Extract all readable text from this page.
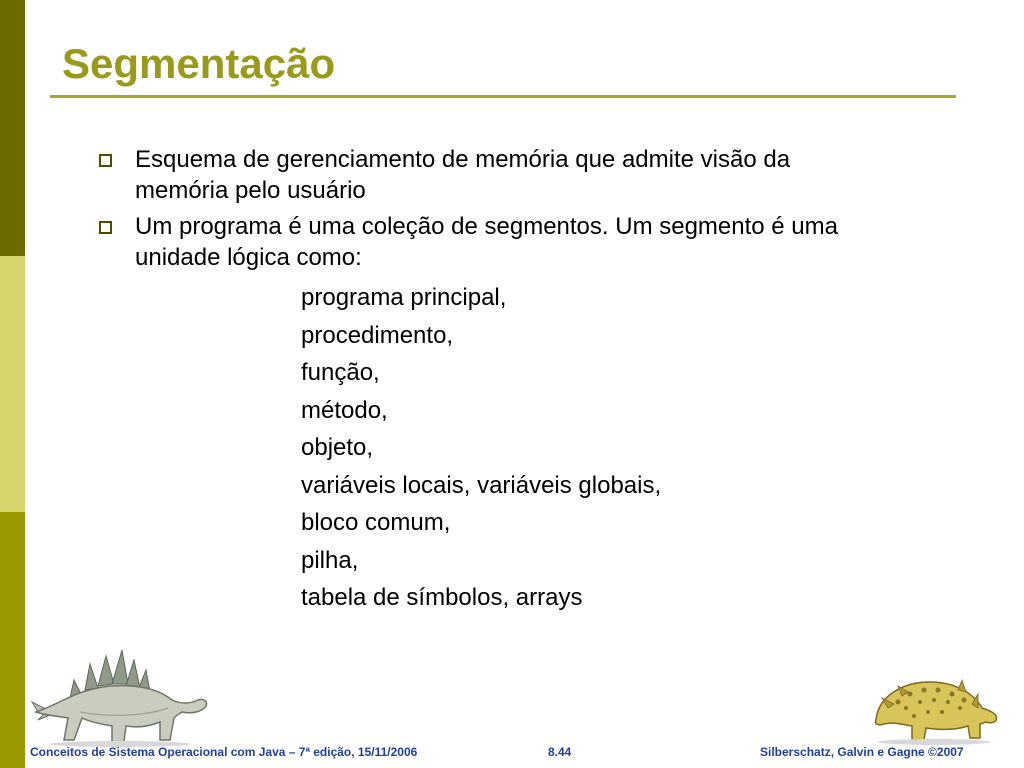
Segmentação
Esquema de gerenciamento de memória que admite visão da memória pelo usuário
Um programa é uma coleção de segmentos. Um segmento é uma unidade lógica como:
programa principal,
procedimento,
função,
método,
objeto,
variáveis locais, variáveis globais,
bloco comum,
pilha,
tabela de símbolos, arrays
Conceitos de Sistema Operacional com Java – 7ª edição, 15/11/2006	8.44	Silberschatz, Galvin e Gagne ©2007
